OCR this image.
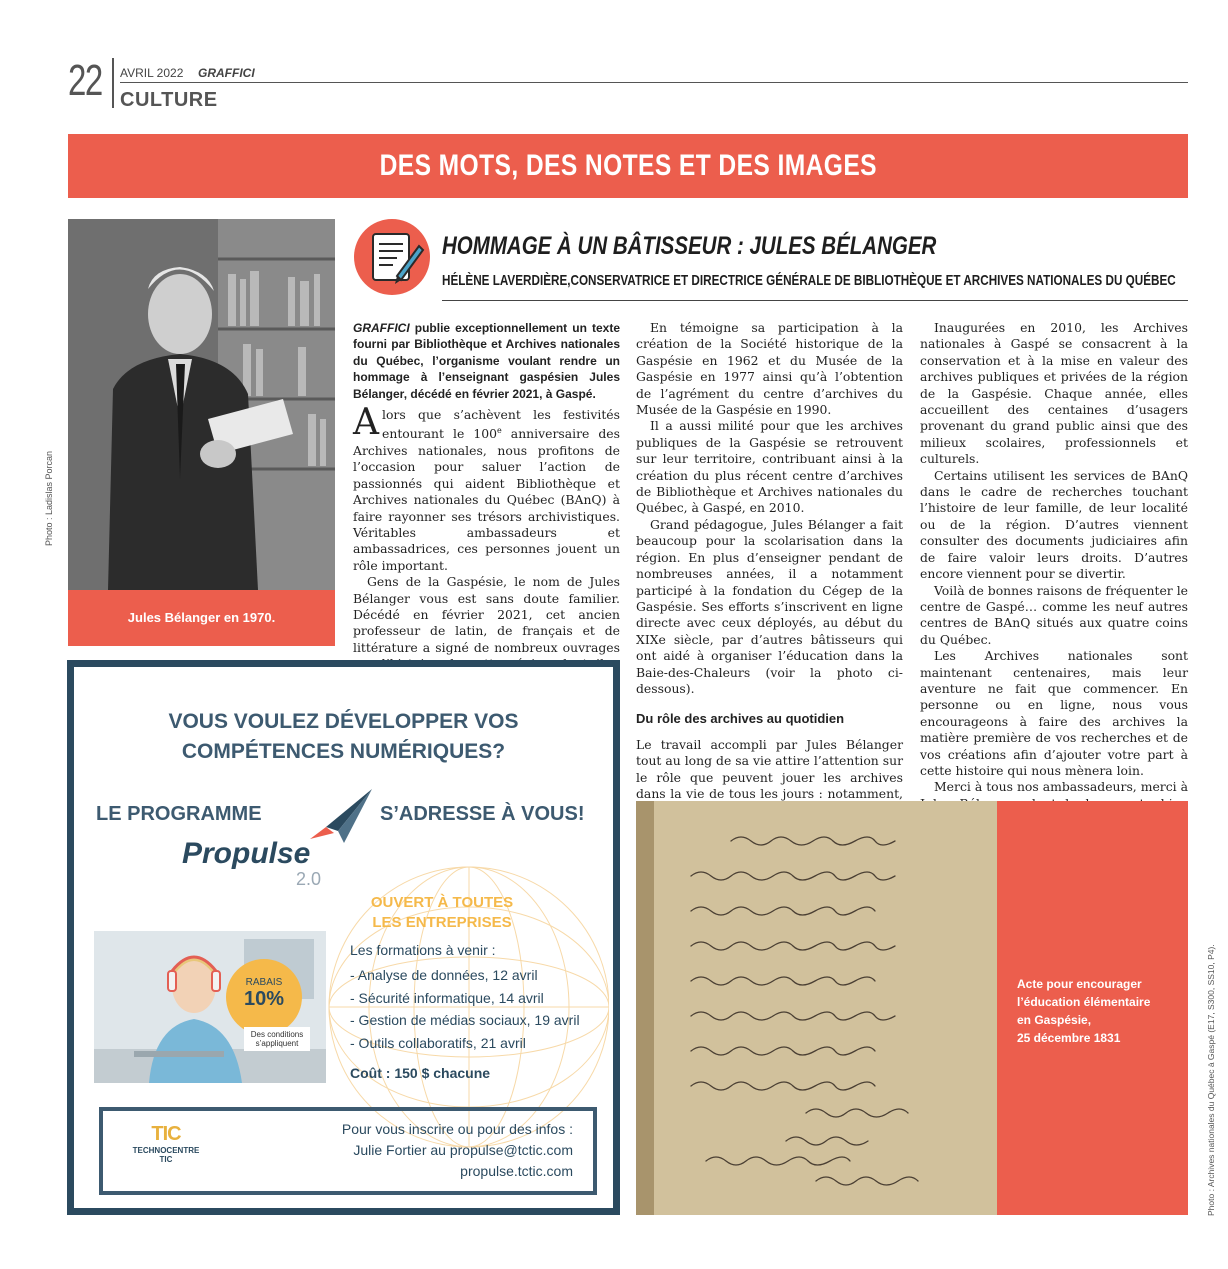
22 AVRIL 2022 GRAFFICI
CULTURE
DES MOTS, DES NOTES ET DES IMAGES
Jules Bélanger en 1970.
Photo : Ladislas Porcan
HOMMAGE À UN BÂTISSEUR : JULES BÉLANGER
HÉLÈNE LAVERDIÈRE,CONSERVATRICE ET DIRECTRICE GÉNÉRALE DE BIBLIOTHÈQUE ET ARCHIVES NATIONALES DU QUÉBEC

GRAFFICI publie exceptionnellement un texte fourni par Bibliothèque et Archives nationales du Québec, l’organisme voulant rendre un hommage à l’enseignant gaspésien Jules Bélanger, décédé en février 2021, à Gaspé.

Alors que s’achèvent les festivités entourant le 100e anniversaire des Archives nationales, nous profitons de l’occasion pour saluer l’action de passionnés qui aident Bibliothèque et Archives nationales du Québec (BAnQ) à faire rayonner ses trésors archivistiques. Véritables ambassadeurs et ambassadrices, ces personnes jouent un rôle important.

Gens de la Gaspésie, le nom de Jules Bélanger vous est sans doute familier. Décédé en février 2021, cet ancien professeur de latin, de français et de littérature a signé de nombreux ouvrages

En témoigne sa participation à la création de la Société historique de la Gaspésie en 1962 et du Musée de la Gaspésie en 1977 ainsi qu’à l’obtention de l’agrément du centre d’archives du Musée de la Gaspésie en 1990.

Il a aussi milité pour que les archives publiques de la Gaspésie se retrouvent sur leur territoire, contribuant ainsi à la création du plus récent centre d’archives de Bibliothèque et Archives nationales du Québec, à Gaspé, en 2010.

Grand pédagogue, Jules Bélanger a fait beaucoup pour la scolarisation dans la région. En plus d’enseigner pendant de nombreuses années, il a notamment participé à la fondation du Cégep de la Gaspésie. Ses efforts s’inscrivent en ligne directe avec ceux déployés, au début du XIXe siècle, par d’autres bâtisseurs qui ont aidé à organiser l’éducation dans la Baie-des-Chaleurs (voir la photo ci-dessous).

Du rôle des archives au quotidien

Le travail accompli par Jules Bélanger tout au long de sa vie attire l’attention sur le rôle que peuvent jouer les archives dans la vie de tous les jours : notamment,

Inaugurées en 2010, les Archives nationales à Gaspé se consacrent à la conservation et à la mise en valeur des archives publiques et privées de la région de la Gaspésie. Chaque année, elles accueillent des centaines d’usagers provenant du grand public ainsi que des milieux scolaires, professionnels et culturels.

Certains utilisent les services de BAnQ dans le cadre de recherches touchant l’histoire de leur famille, de leur localité ou de la région. D’autres viennent consulter des documents judiciaires afin de faire valoir leurs droits. D’autres encore viennent pour se divertir.

Voilà de bonnes raisons de fréquenter le centre de Gaspé… comme les neuf autres centres de BAnQ situés aux quatre coins du Québec.

Les Archives nationales sont maintenant centenaires, mais leur aventure ne fait que commencer. En personne ou en ligne, nous vous encourageons à faire des archives la matière première de vos recherches et de vos créations afin d’ajouter votre part à cette histoire qui nous mènera loin.

Merci à tous nos ambassadeurs, merci à

VOUS VOULEZ DÉVELOPPER VOS
COMPÉTENCES NUMÉRIQUES?
LE PROGRAMME	S’ADRESSE À VOUS!
Propulse
2.0
OUVERT À TOUTES
LES ENTREPRISES
RABAIS
10%
Des conditions s’appliquent
Les formations à venir :
- Analyse de données, 12 avril
- Sécurité informatique, 14 avril
- Gestion de médias sociaux, 19 avril
- Outils collaboratifs, 21 avril
Coût : 150 $ chacune
TIC
TECHNOCENTRE
TIC
Pour vous inscrire ou pour des infos :
Julie Fortier au propulse@tctic.com
propulse.tctic.com
Acte pour encourager
l’éducation élémentaire
en Gaspésie,
25 décembre 1831	Photo : Archives nationales du Québec à Gaspé (E17, S300, SS10, P4).
